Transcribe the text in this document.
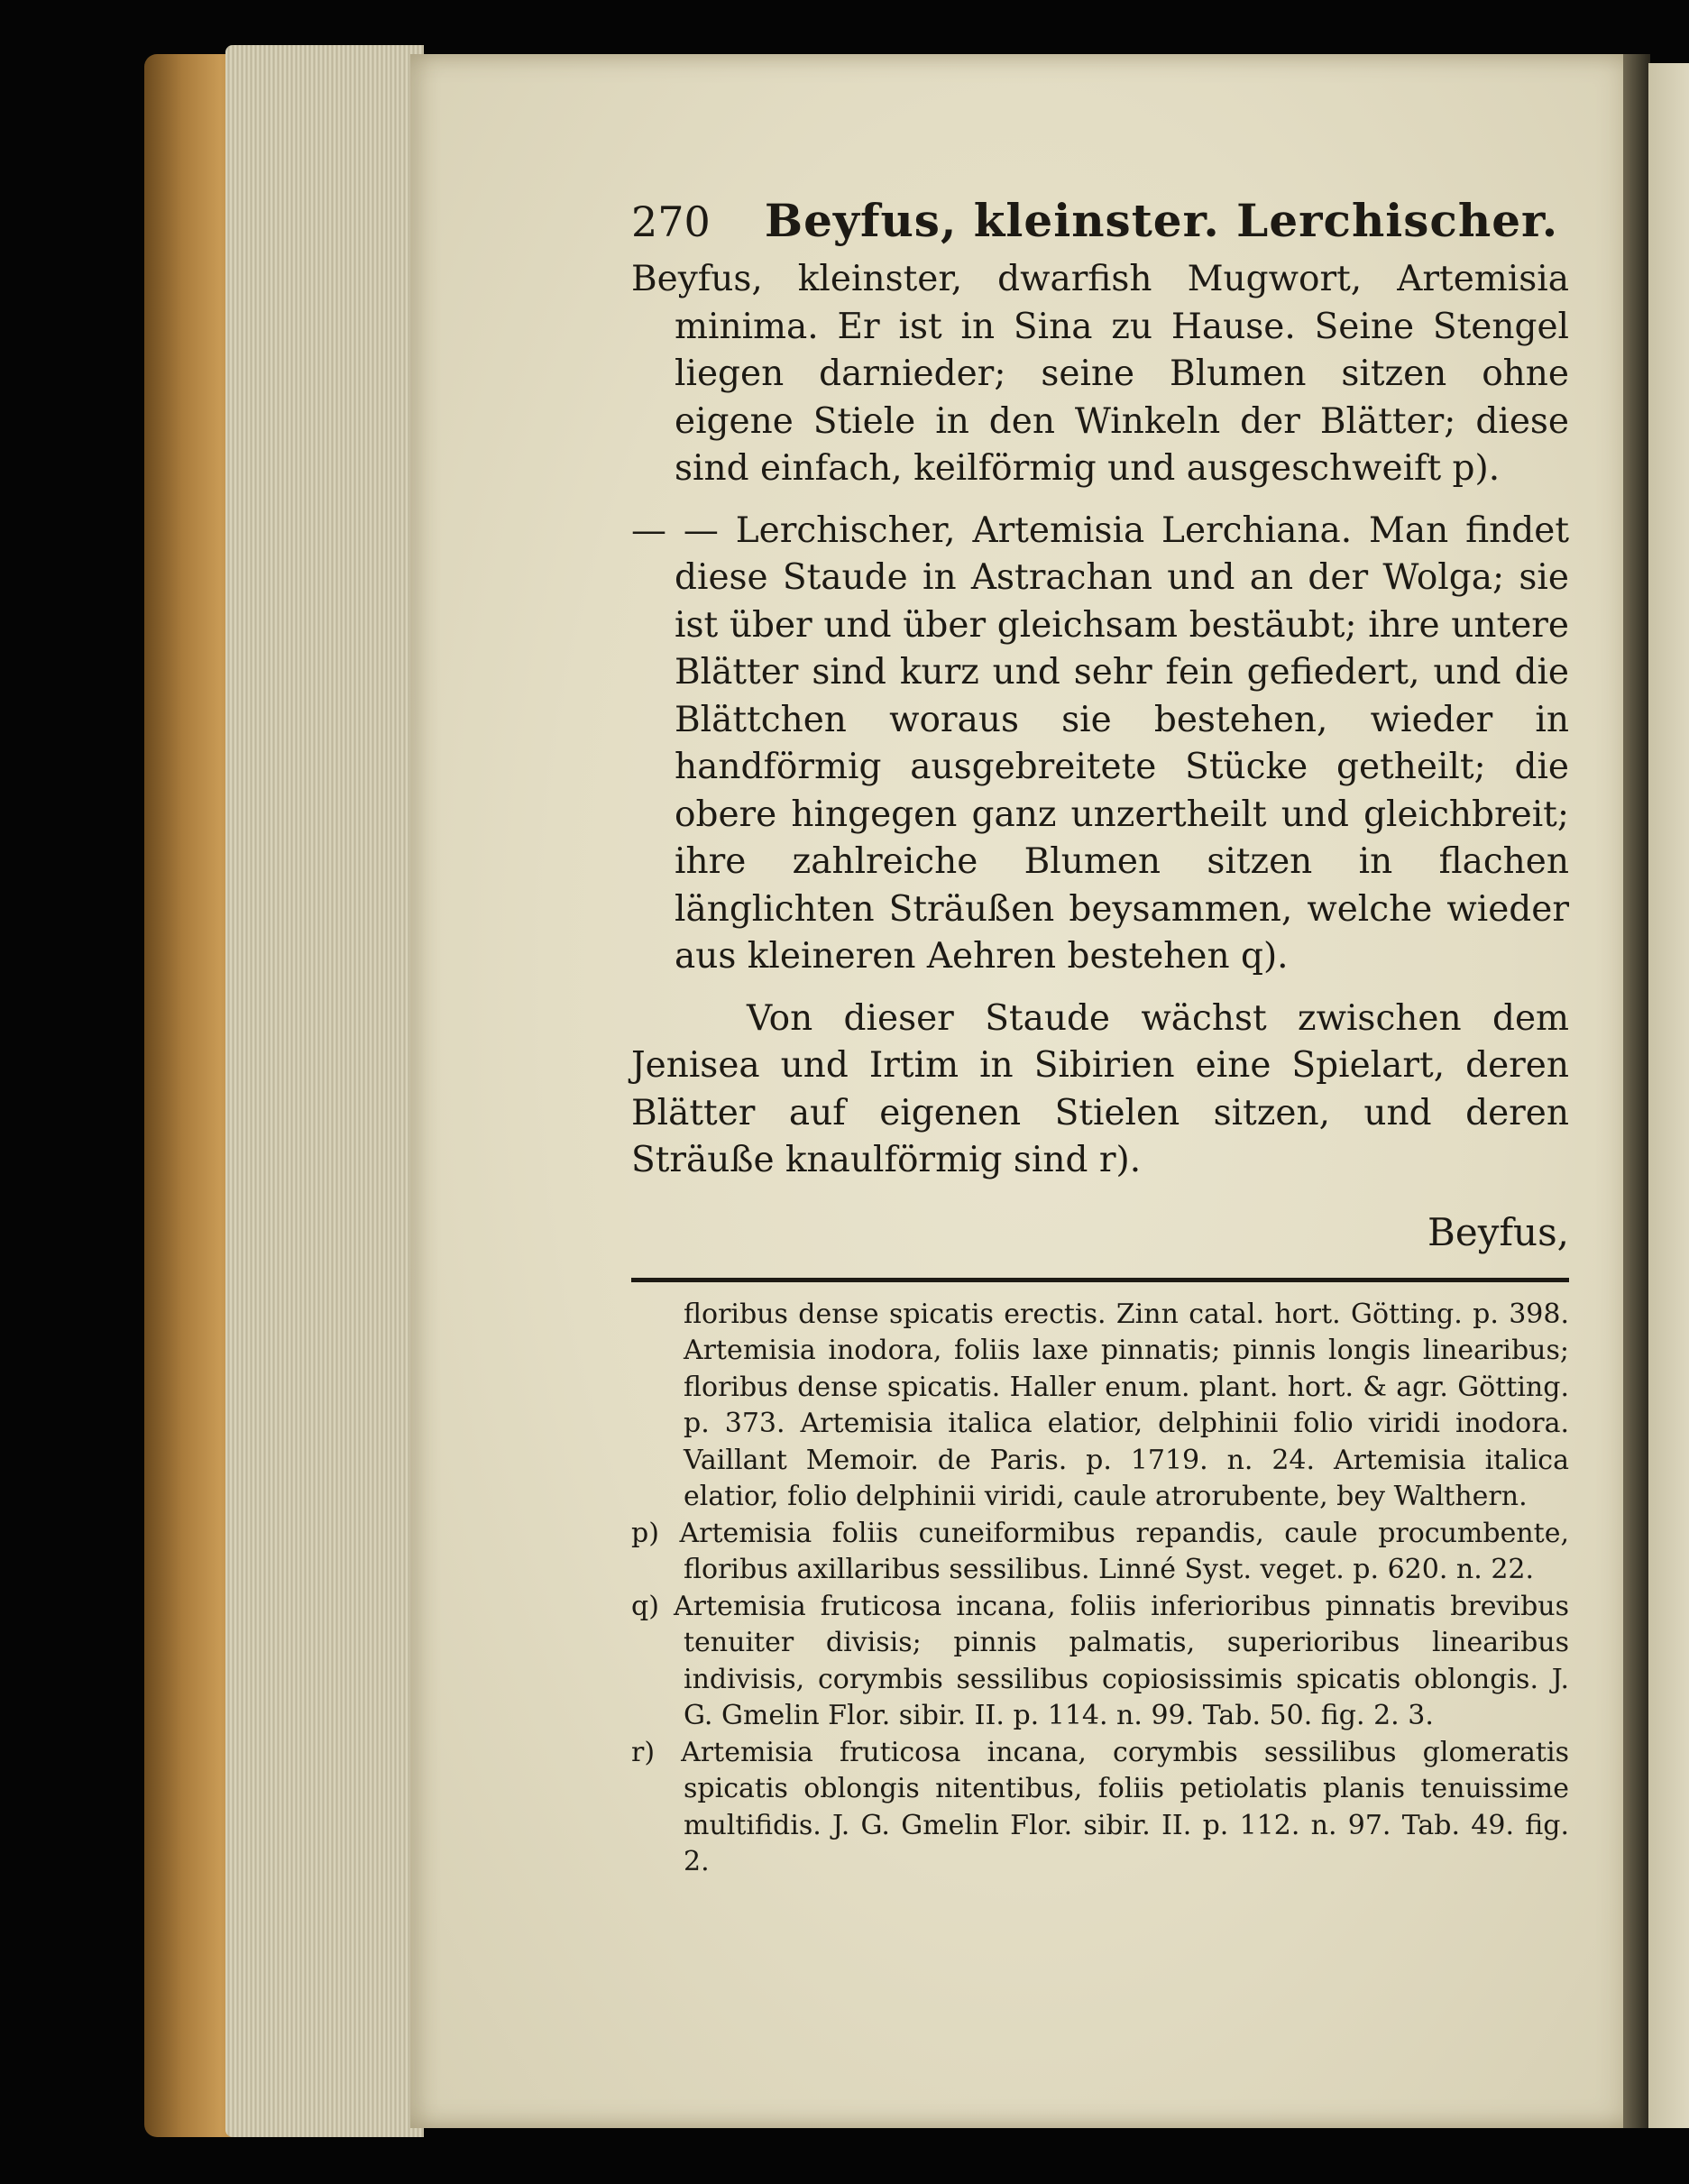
270 Beyfus, kleinster. Lerchischer.

Beyfus, kleinster, dwarfish Mugwort, Artemisia minima. Er ist in Sina zu Hause. Seine Stengel liegen darnieder; seine Blumen sitzen ohne eigene Stiele in den Winkeln der Blätter; diese sind einfach, keilförmig und ausgeschweift p).

— — Lerchischer, Artemisia Lerchiana. Man findet diese Staude in Astrachan und an der Wolga; sie ist über und über gleichsam bestäubt; ihre untere Blätter sind kurz und sehr fein gefiedert, und die Blättchen woraus sie bestehen, wieder in handförmig ausgebreitete Stücke getheilt; die obere hingegen ganz unzertheilt und gleichbreit; ihre zahlreiche Blumen sitzen in flachen länglichten Sträußen beysammen, welche wieder aus kleineren Aehren bestehen q).

Von dieser Staude wächst zwischen dem Jenisea und Irtim in Sibirien eine Spielart, deren Blätter auf eigenen Stielen sitzen, und deren Sträuße knaulförmig sind r).

Beyfus,

floribus dense spicatis erectis. Zinn catal. hort. Götting. p. 398. Artemisia inodora, foliis laxe pinnatis; pinnis longis linearibus; floribus dense spicatis. Haller enum. plant. hort. & agr. Götting. p. 373. Artemisia italica elatior, delphinii folio viridi inodora. Vaillant Memoir. de Paris. p. 1719. n. 24. Artemisia italica elatior, folio delphinii viridi, caule atrorubente, bey Walthern.

p) Artemisia foliis cuneiformibus repandis, caule procumbente, floribus axillaribus sessilibus. Linné Syst. veget. p. 620. n. 22.

q) Artemisia fruticosa incana, foliis inferioribus pinnatis brevibus tenuiter divisis; pinnis palmatis, superioribus linearibus indivisis, corymbis sessilibus copiosissimis spicatis oblongis. J. G. Gmelin Flor. sibir. II. p. 114. n. 99. Tab. 50. fig. 2. 3.

r) Artemisia fruticosa incana, corymbis sessilibus glomeratis spicatis oblongis nitentibus, foliis petiolatis planis tenuissime multifidis. J. G. Gmelin Flor. sibir. II. p. 112. n. 97. Tab. 49. fig. 2.
